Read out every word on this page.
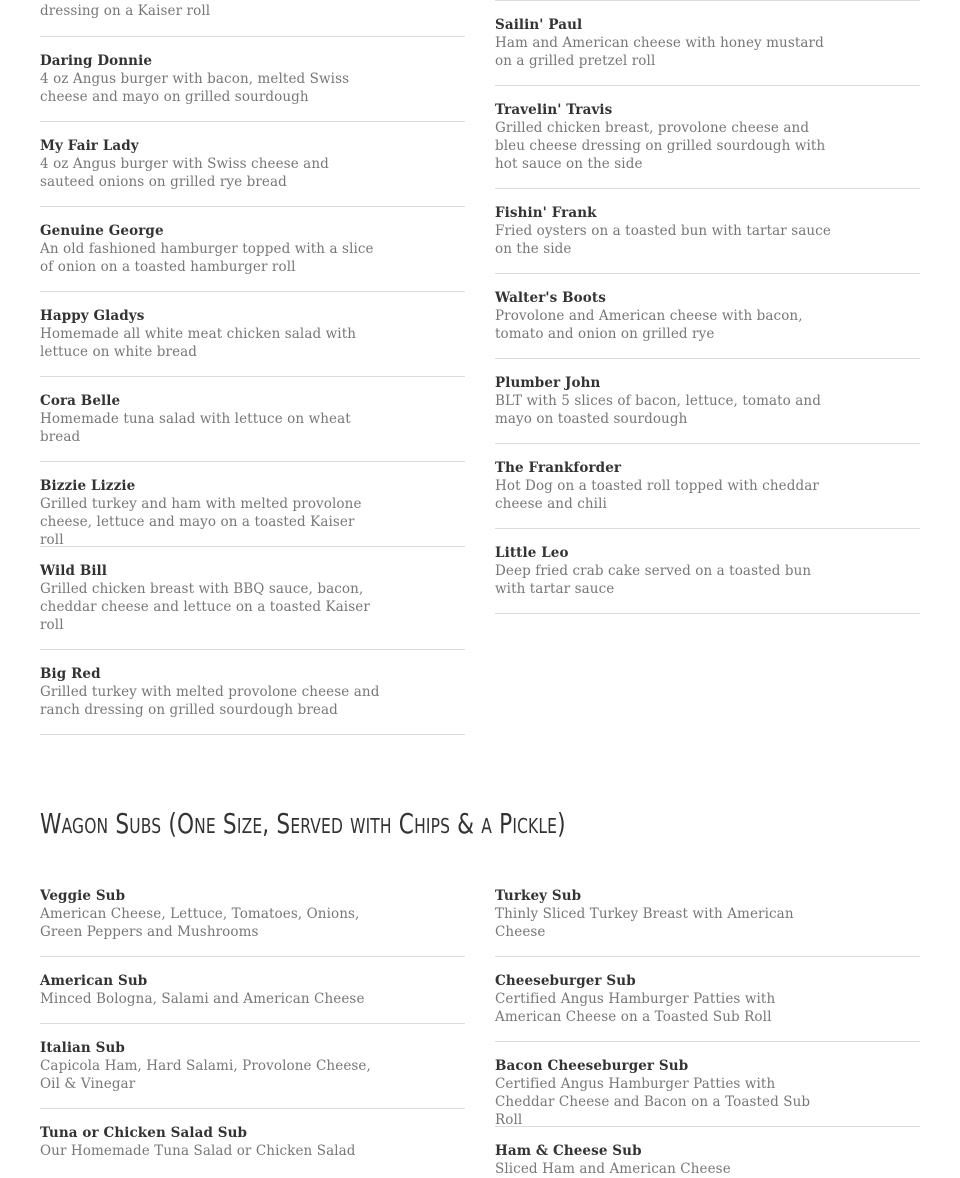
dressing on a Kaiser roll
Daring Donnie
4 oz Angus burger with bacon, melted Swiss cheese and mayo on grilled sourdough
My Fair Lady
4 oz Angus burger with Swiss cheese and sauteed onions on grilled rye bread
Genuine George
An old fashioned hamburger topped with a slice of onion on a toasted hamburger roll
Happy Gladys
Homemade all white meat chicken salad with lettuce on white bread
Cora Belle
Homemade tuna salad with lettuce on wheat bread
Bizzie Lizzie
Grilled turkey and ham with melted provolone cheese, lettuce and mayo on a toasted Kaiser roll
Wild Bill
Grilled chicken breast with BBQ sauce, bacon, cheddar cheese and lettuce on a toasted Kaiser roll
Big Red
Grilled turkey with melted provolone cheese and ranch dressing on grilled sourdough bread
Sailin' Paul
Ham and American cheese with honey mustard on a grilled pretzel roll
Travelin' Travis
Grilled chicken breast, provolone cheese and bleu cheese dressing on grilled sourdough with hot sauce on the side
Fishin' Frank
Fried oysters on a toasted bun with tartar sauce on the side
Walter's Boots
Provolone and American cheese with bacon, tomato and onion on grilled rye
Plumber John
BLT with 5 slices of bacon, lettuce, tomato and mayo on toasted sourdough
The Frankforder
Hot Dog on a toasted roll topped with cheddar cheese and chili
Little Leo
Deep fried crab cake served on a toasted bun with tartar sauce
Wagon Subs (One Size, Served with Chips & a Pickle)
Veggie Sub
American Cheese, Lettuce, Tomatoes, Onions, Green Peppers and Mushrooms
American Sub
Minced Bologna, Salami and American Cheese
Italian Sub
Capicola Ham, Hard Salami, Provolone Cheese, Oil & Vinegar
Tuna or Chicken Salad Sub
Our Homemade Tuna Salad or Chicken Salad
Turkey Sub
Thinly Sliced Turkey Breast with American Cheese
Cheeseburger Sub
Certified Angus Hamburger Patties with American Cheese on a Toasted Sub Roll
Bacon Cheeseburger Sub
Certified Angus Hamburger Patties with Cheddar Cheese and Bacon on a Toasted Sub Roll
Ham & Cheese Sub
Sliced Ham and American Cheese
